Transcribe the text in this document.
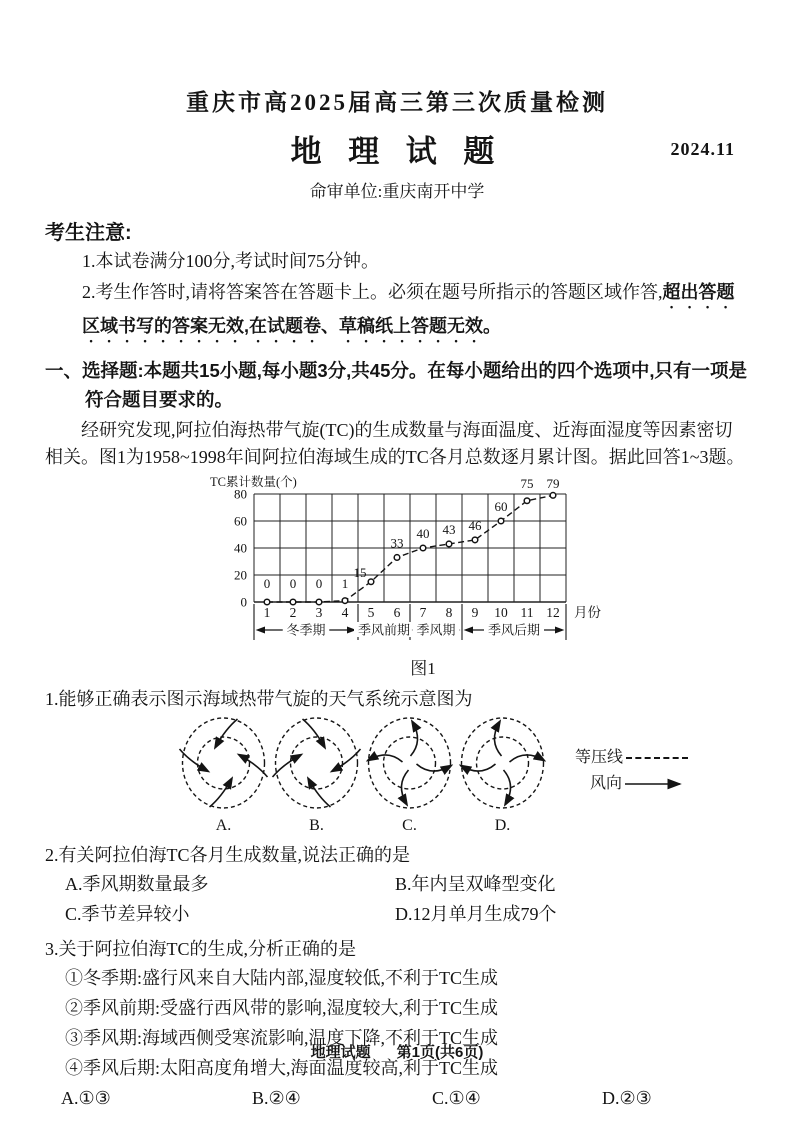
重庆市高2025届高三第三次质量检测
地 理 试 题	2024.11
命审单位:重庆南开中学
考生注意:
1.本试卷满分100分,考试时间75分钟。
2.考生作答时,请将答案答在答题卡上。必须在题号所指示的答题区域作答,超出答题区域书写的答案无效,在试题卷、草稿纸上答题无效。
一、选择题:本题共15小题,每小题3分,共45分。在每小题给出的四个选项中,只有一项是符合题目要求的。

经研究发现,阿拉伯海热带气旋(TC)的生成数量与海面温度、近海面湿度等因素密切相关。图1为1958~1998年间阿拉伯海域生成的TC各月总数逐月累计图。据此回答1~3题。

0
20
40
60
80
TC累计数量(个)
0 0 0 1
15
33
40 43 46
60
75 79
1 2 3 4 5 6 7 8 9 10 11 12 月份
冬季期 季风前期 季风期 季风后期
图1
1.能够正确表示图示海域热带气旋的天气系统示意图为
A.	B.	C.	D.
等压线
风向
2.有关阿拉伯海TC各月生成数量,说法正确的是
A.季风期数量最多	B.年内呈双峰型变化
C.季节差异较小	D.12月单月生成79个
3.关于阿拉伯海TC的生成,分析正确的是
①冬季期:盛行风来自大陆内部,湿度较低,不利于TC生成
②季风前期:受盛行西风带的影响,湿度较大,利于TC生成
③季风期:海域西侧受寒流影响,温度下降,不利于TC生成
④季风后期:太阳高度角增大,海面温度较高,利于TC生成
A.①③	B.②④	C.①④	D.②③
地理试题 第1页(共6页)
